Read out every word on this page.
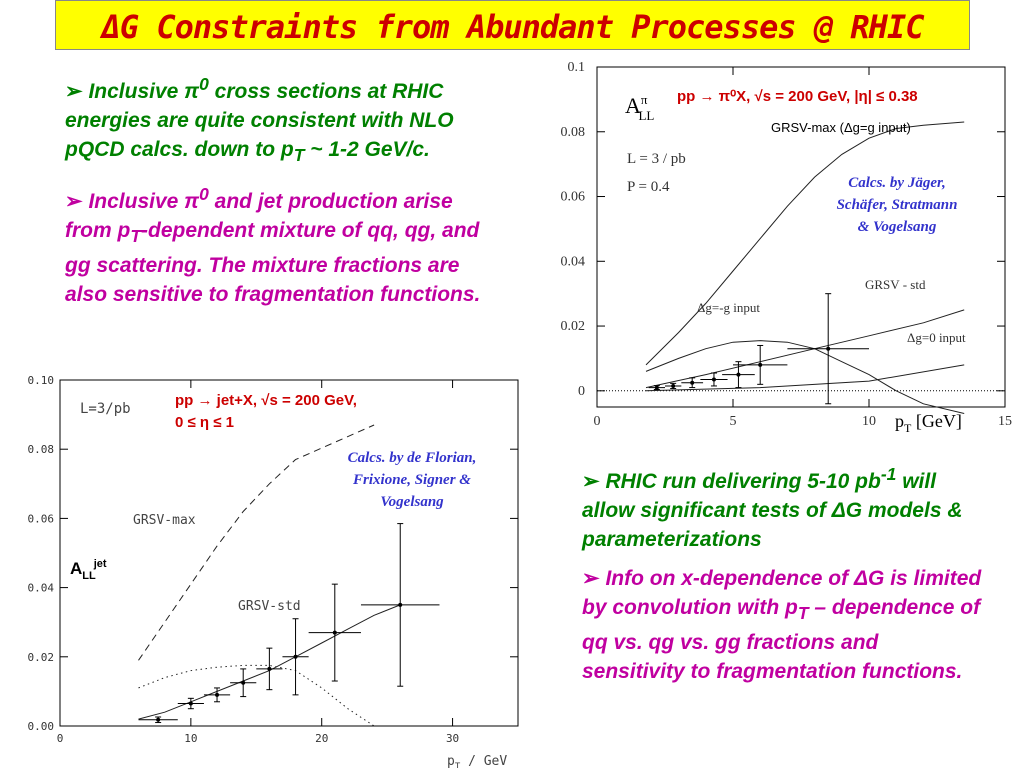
ΔG Constraints from Abundant Processes @ RHIC

➢ Inclusive $\pi^0$ cross sections at RHIC energies are quite consistent with NLO pQCD calcs. down to $p_T$ ~ 1-2 GeV/c.

➢ Inclusive $\pi^0$ and jet production arise from $p_T$-dependent mixture of qq, qg, and gg scattering. The mixture fractions are also sensitive to fragmentation functions.

➢ RHIC run delivering 5-10 $pb^{-1}$ will allow significant tests of ΔG models & parameterizations

➢ Info on x-dependence of ΔG is limited by convolution with $p_T$ – dependence of qq vs. qg vs. gg fractions and sensitivity to fragmentation functions.

0	5	10	15
0
0.02
0.04
0.06
0.08
0.1
$A^\pi$ LL
L = 3 / pb
P = 0.4
pp → π⁰X, √s = 200 GeV, |η| ≤ 0.38
GRSV-max (Δg=g input)
GRSV - std
Δg=-g input
Δg=0 input
Calcs. by Jäger,
Schäfer, Stratmann
& Vogelsang
$p_T$ [GeV]
0	10	20	30
0.00
0.02
0.04
0.06
0.08
0.10
L=3/pb
GRSV-max
GRSV-std
pp → jet+X, √s = 200 GeV,
0 ≤ η ≤ 1
Calcs. by de Florian,
Frixione, Signer &
Vogelsang
$A_{LL}jet$
$p_T$ / GeV
